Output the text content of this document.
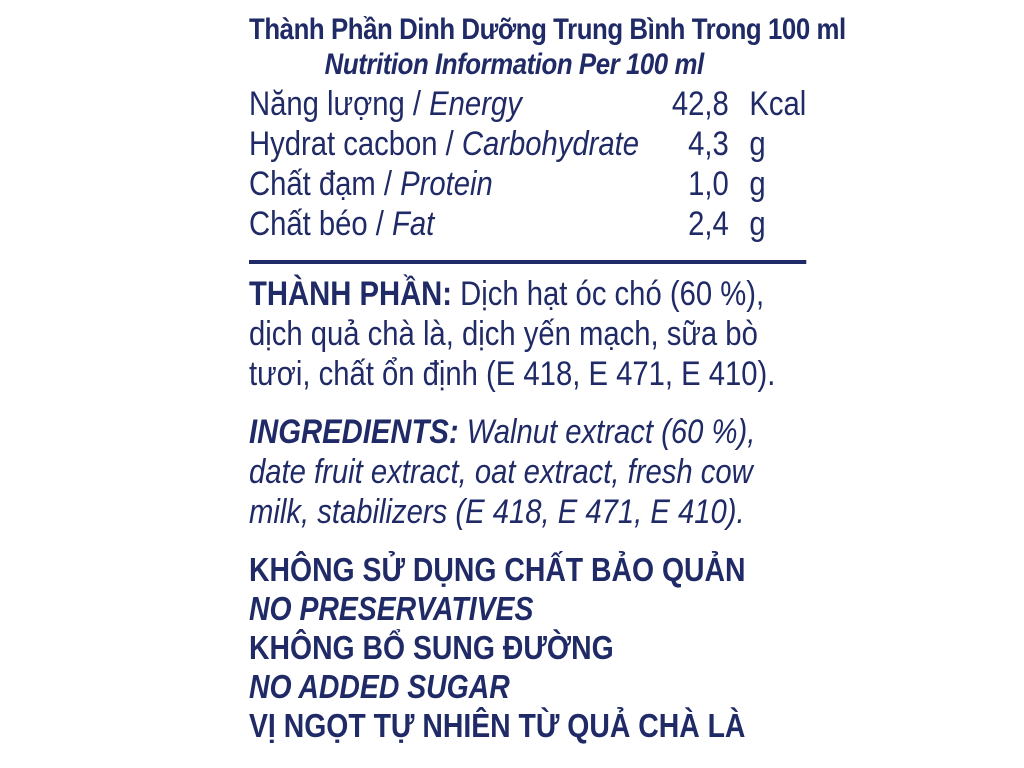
Thành Phần Dinh Dưỡng Trung Bình Trong 100 ml

Nutrition Information Per 100 ml

Năng lượng / Energy	42,8	Kcal
Hydrat cacbon / Carbohydrate	4,3	g
Chất đạm / Protein	1,0	g
Chất béo / Fat	2,4	g

THÀNH PHẦN: Dịch hạt óc chó (60 %), dịch quả chà là, dịch yến mạch, sữa bò tươi, chất ổn định (E 418, E 471, E 410).

INGREDIENTS: Walnut extract (60 %), date fruit extract, oat extract, fresh cow milk, stabilizers (E 418, E 471, E 410).

KHÔNG SỬ DỤNG CHẤT BẢO QUẢN

NO PRESERVATIVES

KHÔNG BỔ SUNG ĐƯỜNG

NO ADDED SUGAR

VỊ NGỌT TỰ NHIÊN TỪ QUẢ CHÀ LÀ
